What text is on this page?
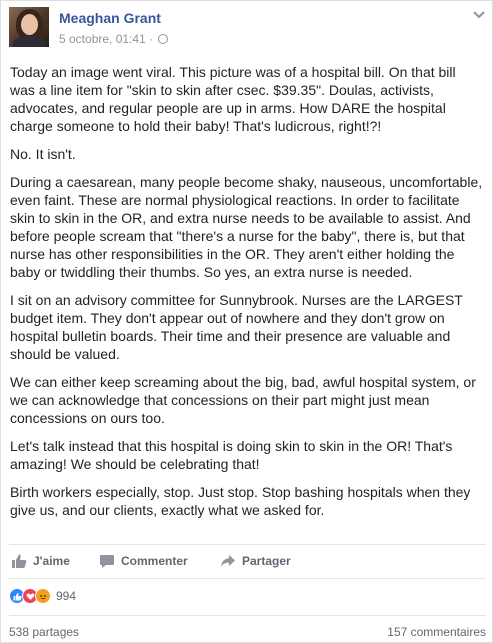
Meaghan Grant
5 octobre, 01:41 ·

Today an image went viral. This picture was of a hospital bill. On that bill was a line item for "skin to skin after csec. $39.35". Doulas, activists, advocates, and regular people are up in arms. How DARE the hospital charge someone to hold their baby! That's ludicrous, right!?!

No. It isn't.

During a caesarean, many people become shaky, nauseous, uncomfortable, even faint. These are normal physiological reactions. In order to facilitate skin to skin in the OR, and extra nurse needs to be available to assist. And before people scream that "there's a nurse for the baby", there is, but that nurse has other responsibilities in the OR. They aren't either holding the baby or twiddling their thumbs. So yes, an extra nurse is needed.

I sit on an advisory committee for Sunnybrook. Nurses are the LARGEST budget item. They don't appear out of nowhere and they don't grow on hospital bulletin boards. Their time and their presence are valuable and should be valued.

We can either keep screaming about the big, bad, awful hospital system, or we can acknowledge that concessions on their part might just mean concessions on ours too.

Let's talk instead that this hospital is doing skin to skin in the OR! That's amazing! We should be celebrating that!

Birth workers especially, stop. Just stop. Stop bashing hospitals when they give us, and our clients, exactly what we asked for.

J'aime	Commenter	Partager
994
538 partages	157 commentaires
